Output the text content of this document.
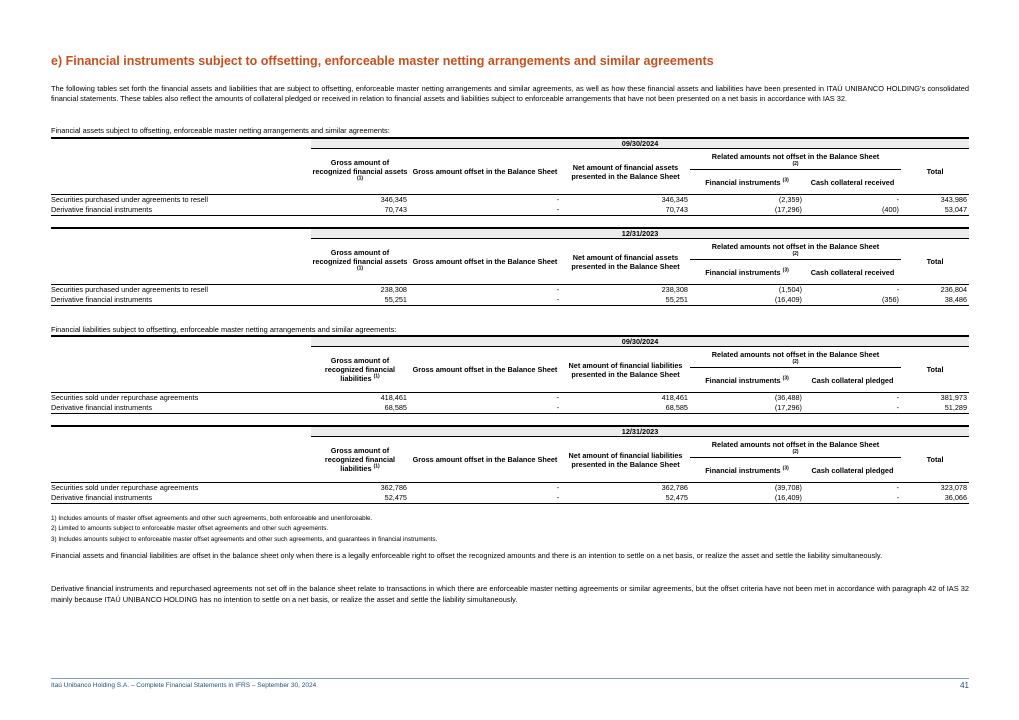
e) Financial instruments subject to offsetting, enforceable master netting arrangements and similar agreements
The following tables set forth the financial assets and liabilities that are subject to offsetting, enforceable master netting arrangements and similar agreements, as well as how these financial assets and liabilities have been presented in ITAÚ UNIBANCO HOLDING's consolidated financial statements. These tables also reflect the amounts of collateral pledged or received in relation to financial assets and liabilities subject to enforceable arrangements that have not been presented on a net basis in accordance with IAS 32.
Financial assets subject to offsetting, enforceable master netting arrangements and similar agreements:
	09/30/2024					
	Gross amount of recognized financial assets $^{(1)}$	Gross amount offset in the Balance Sheet	Net amount of financial assets presented in the Balance Sheet	Related amounts not offset in the Balance Sheet
(2)		Total
				Financial instruments $^{(3)}$	Cash collateral received	

Securities purchased under agreements to resell	346,345	-	346,345	(2,359)	-	343,986
Derivative financial instruments	70,743	-	70,743	(17,296)	(400)	53,047

	12/31/2023					
	Gross amount of recognized financial assets $^{(1)}$	Gross amount offset in the Balance Sheet	Net amount of financial assets presented in the Balance Sheet	Related amounts not offset in the Balance Sheet
(2)		Total
				Financial instruments $^{(3)}$	Cash collateral received	

Securities purchased under agreements to resell	238,308	-	238,308	(1,504)	-	236,804
Derivative financial instruments	55,251	-	55,251	(16,409)	(356)	38,486

Financial liabilities subject to offsetting, enforceable master netting arrangements and similar agreements:
	09/30/2024					
	Gross amount of recognized financial liabilities $^{(1)}$	Gross amount offset in the Balance Sheet	Net amount of financial liabilities presented in the Balance Sheet	Related amounts not offset in the Balance Sheet
(2)		Total
				Financial instruments $^{(3)}$	Cash collateral pledged	

Securities sold under repurchase agreements	418,461	-	418,461	(36,488)	-	381,973
Derivative financial instruments	68,585	-	68,585	(17,296)	-	51,289

	12/31/2023					
	Gross amount of recognized financial liabilities $^{(1)}$	Gross amount offset in the Balance Sheet	Net amount of financial liabilities presented in the Balance Sheet	Related amounts not offset in the Balance Sheet
(2)		Total
				Financial instruments $^{(3)}$	Cash collateral pledged	

Securities sold under repurchase agreements	362,786	-	362,786	(39,708)	-	323,078
Derivative financial instruments	52,475	-	52,475	(16,409)	-	36,066

1) Includes amounts of master offset agreements and other such agreements, both enforceable and unenforceable.
2) Limited to amounts subject to enforceable master offset agreements and other such agreements.
3) Includes amounts subject to enforceable master offset agreements and other such agreements, and guarantees in financial instruments.
Financial assets and financial liabilities are offset in the balance sheet only when there is a legally enforceable right to offset the recognized amounts and there is an intention to settle on a net basis, or realize the asset and settle the liability simultaneously.
Derivative financial instruments and repurchased agreements not set off in the balance sheet relate to transactions in which there are enforceable master netting agreements or similar agreements, but the offset criteria have not been met in accordance with paragraph 42 of IAS 32 mainly because ITAÚ UNIBANCO HOLDING has no intention to settle on a net basis, or realize the asset and settle the liability simultaneously.
Itaú Unibanco Holding S.A. – Complete Financial Statements in IFRS – September 30, 2024	41
